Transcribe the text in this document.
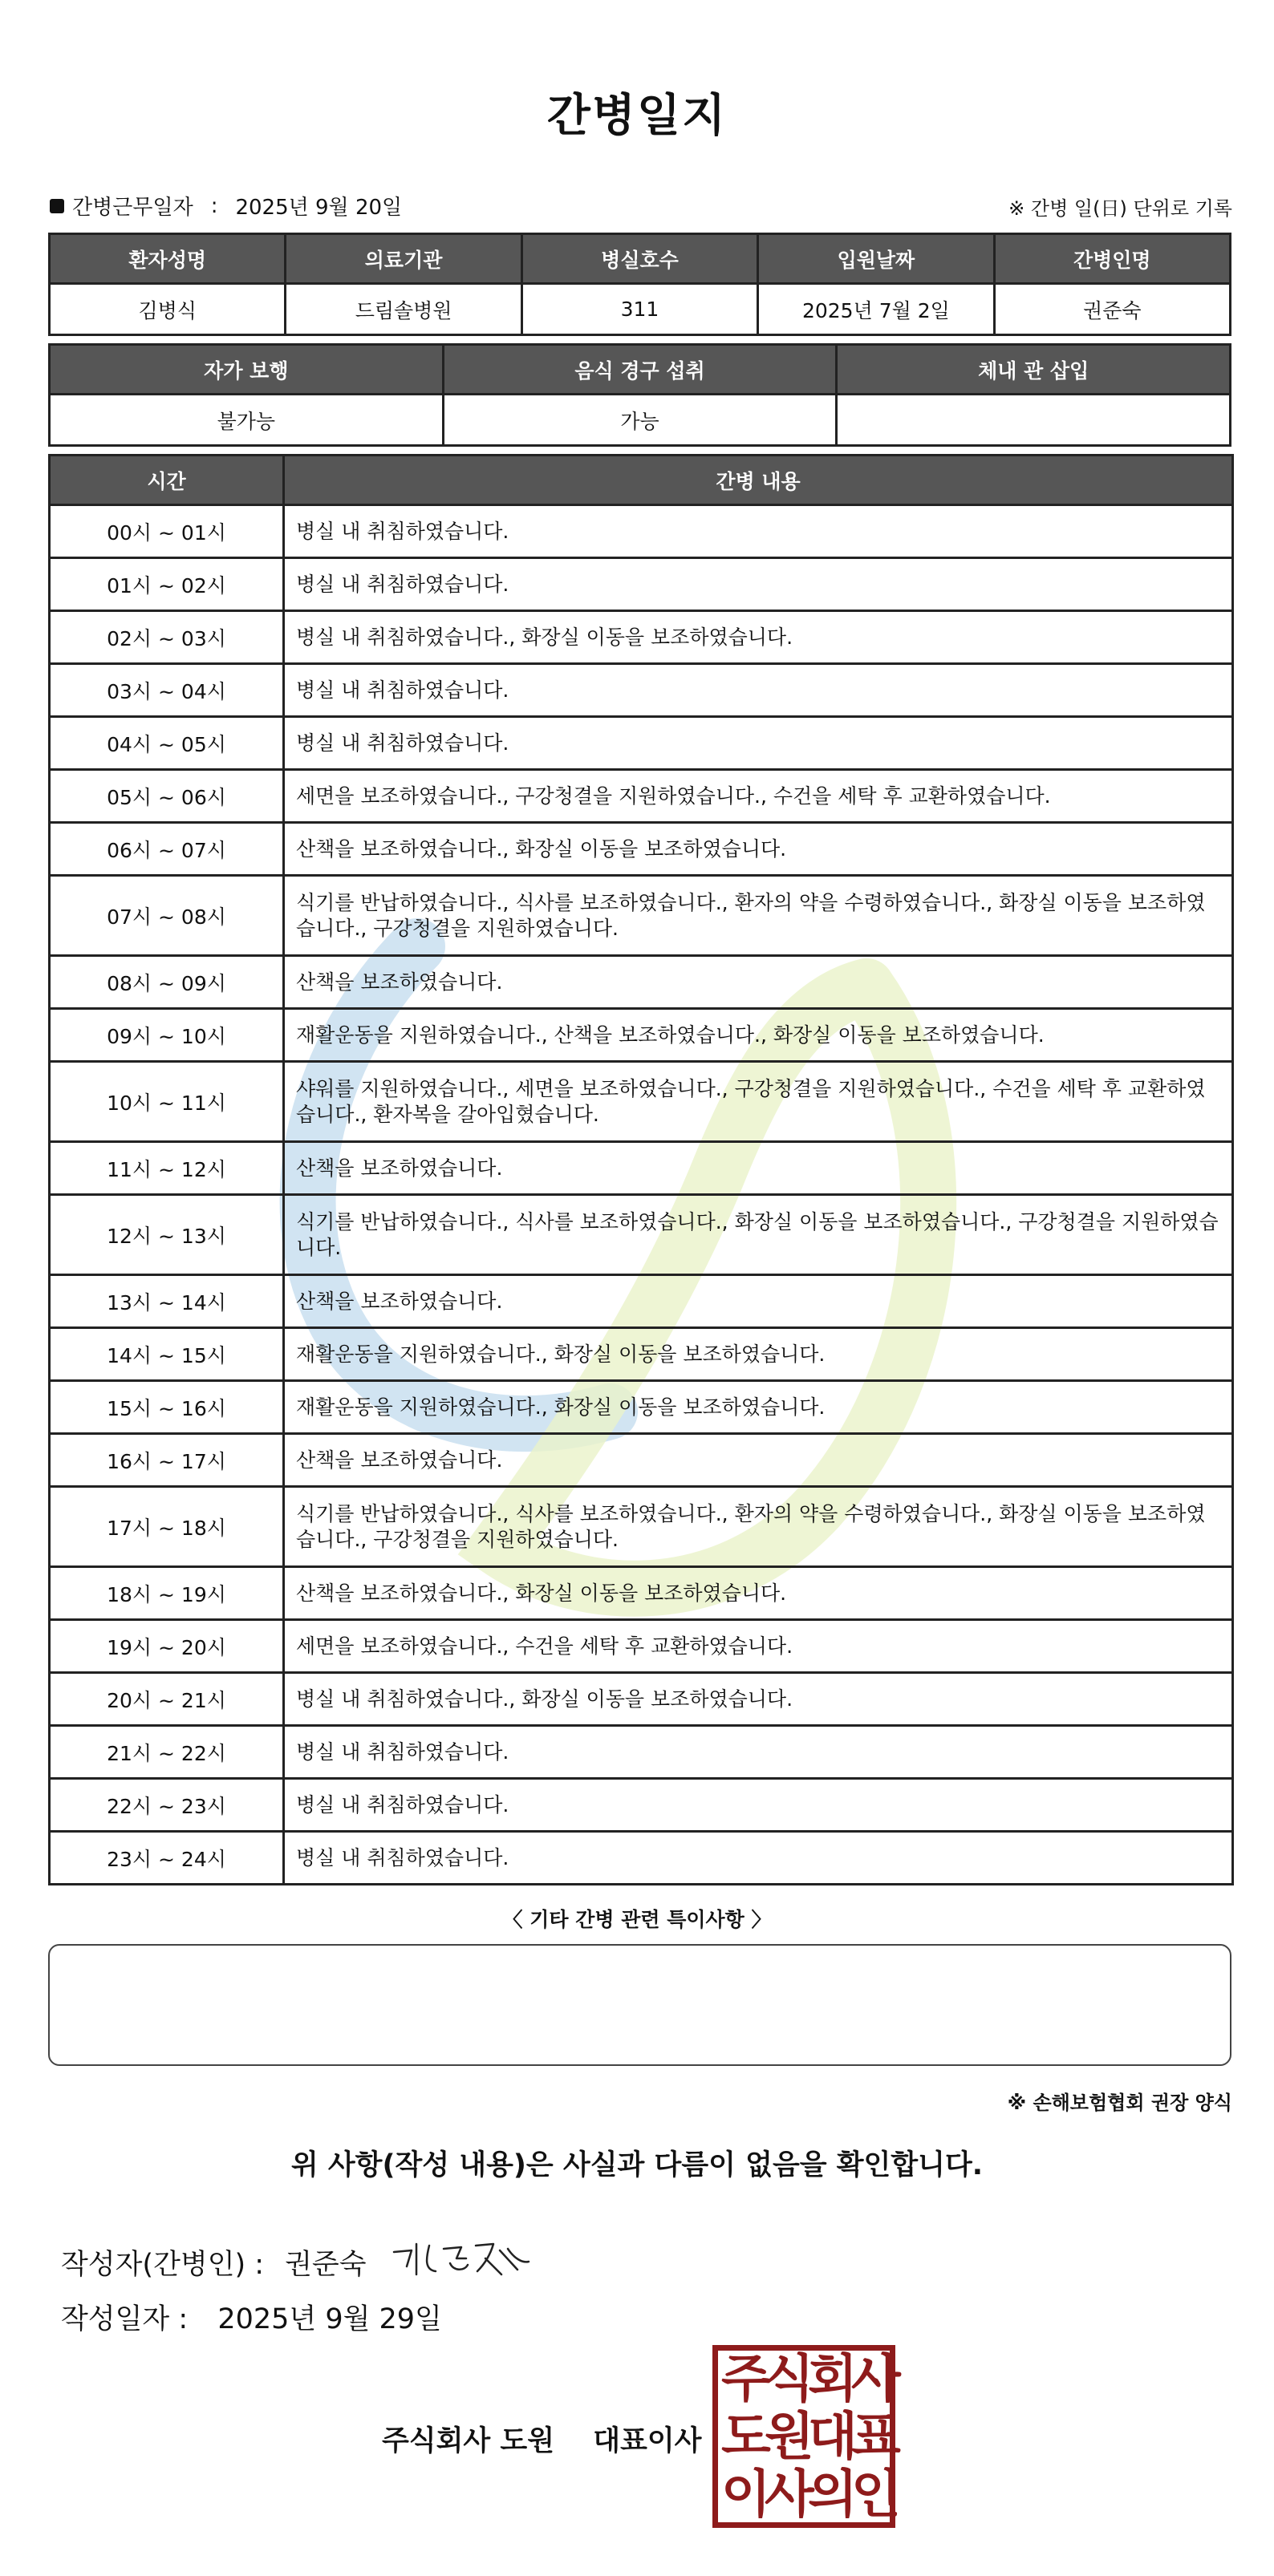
간병일지
간병근무일자 : 2025년 9월 20일	※ 간병 일(日) 단위로 기록
환자성명	의료기관	병실호수	입원날짜	간병인명
김병식	드림솔병원	311	2025년 7월 2일	권준숙
자가 보행	음식 경구 섭취	체내 관 삽입
불가능	가능	
시간	간병 내용
00시 ~ 01시	병실 내 취침하였습니다.
01시 ~ 02시	병실 내 취침하였습니다.
02시 ~ 03시	병실 내 취침하였습니다., 화장실 이동을 보조하였습니다.
03시 ~ 04시	병실 내 취침하였습니다.
04시 ~ 05시	병실 내 취침하였습니다.
05시 ~ 06시	세면을 보조하였습니다., 구강청결을 지원하였습니다., 수건을 세탁 후 교환하였습니다.
06시 ~ 07시	산책을 보조하였습니다., 화장실 이동을 보조하였습니다.
07시 ~ 08시	식기를 반납하였습니다., 식사를 보조하였습니다., 환자의 약을 수령하였습니다., 화장실 이동을 보조하였습니다., 구강청결을 지원하였습니다.
08시 ~ 09시	산책을 보조하였습니다.
09시 ~ 10시	재활운동을 지원하였습니다., 산책을 보조하였습니다., 화장실 이동을 보조하였습니다.
10시 ~ 11시	샤워를 지원하였습니다., 세면을 보조하였습니다., 구강청결을 지원하였습니다., 수건을 세탁 후 교환하였습니다., 환자복을 갈아입혔습니다.
11시 ~ 12시	산책을 보조하였습니다.
12시 ~ 13시	식기를 반납하였습니다., 식사를 보조하였습니다., 화장실 이동을 보조하였습니다., 구강청결을 지원하였습니다.
13시 ~ 14시	산책을 보조하였습니다.
14시 ~ 15시	재활운동을 지원하였습니다., 화장실 이동을 보조하였습니다.
15시 ~ 16시	재활운동을 지원하였습니다., 화장실 이동을 보조하였습니다.
16시 ~ 17시	산책을 보조하였습니다.
17시 ~ 18시	식기를 반납하였습니다., 식사를 보조하였습니다., 환자의 약을 수령하였습니다., 화장실 이동을 보조하였습니다., 구강청결을 지원하였습니다.
18시 ~ 19시	산책을 보조하였습니다., 화장실 이동을 보조하였습니다.
19시 ~ 20시	세면을 보조하였습니다., 수건을 세탁 후 교환하였습니다.
20시 ~ 21시	병실 내 취침하였습니다., 화장실 이동을 보조하였습니다.
21시 ~ 22시	병실 내 취침하였습니다.
22시 ~ 23시	병실 내 취침하였습니다.
23시 ~ 24시	병실 내 취침하였습니다.
〈 기타 간병 관련 특이사항 〉
※ 손해보험협회 권장 양식
위 사항(작성 내용)은 사실과 다름이 없음을 확인합니다.
작성자(간병인) : 권준숙
작성일자 : 2025년 9월 29일
주식회사 도원 대표이사
주
식
회
사
도
원
대
표
이
사
의
인
